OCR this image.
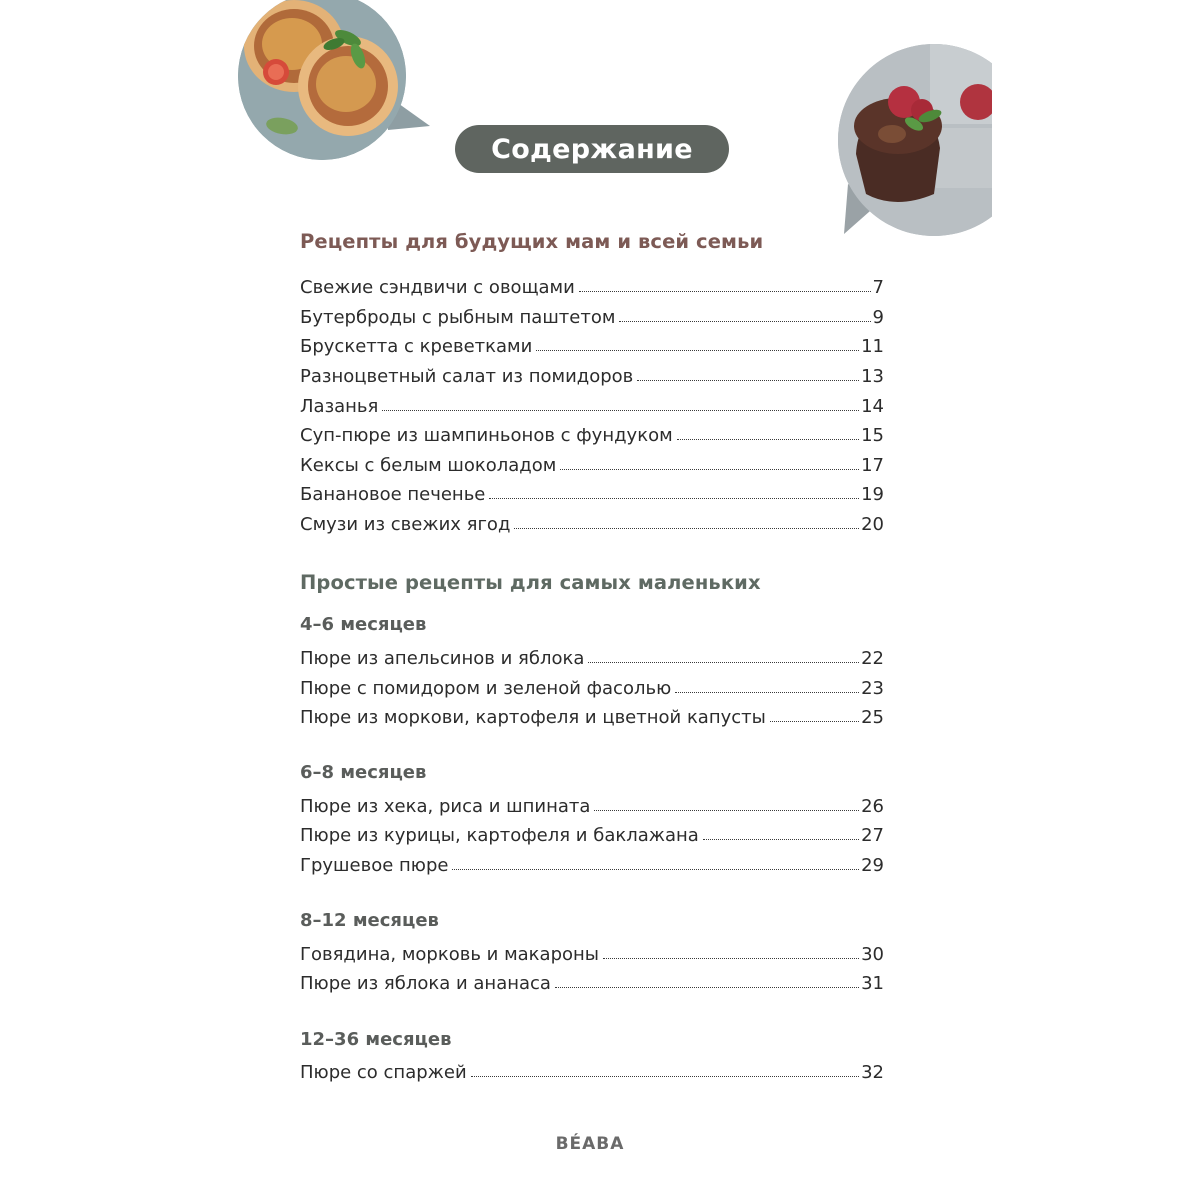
Содержание
Рецепты для будущих мам и всей семьи
Свежие сэндвичи с овощами	7
Бутерброды с рыбным паштетом	9
Брускетта с креветками	11
Разноцветный салат из помидоров	13
Лазанья	14
Суп-пюре из шампиньонов с фундуком	15
Кексы с белым шоколадом	17
Банановое печенье	19
Смузи из свежих ягод	20
Простые рецепты для самых маленьких
4–6 месяцев
Пюре из апельсинов и яблока	22
Пюре с помидором и зеленой фасолью	23
Пюре из моркови, картофеля и цветной капусты	25
6–8 месяцев
Пюре из хека, риса и шпината	26
Пюре из курицы, картофеля и баклажана	27
Грушевое пюре	29
8–12 месяцев
Говядина, морковь и макароны	30
Пюре из яблока и ананаса	31
12–36 месяцев
Пюре со спаржей	32
BÉABA
